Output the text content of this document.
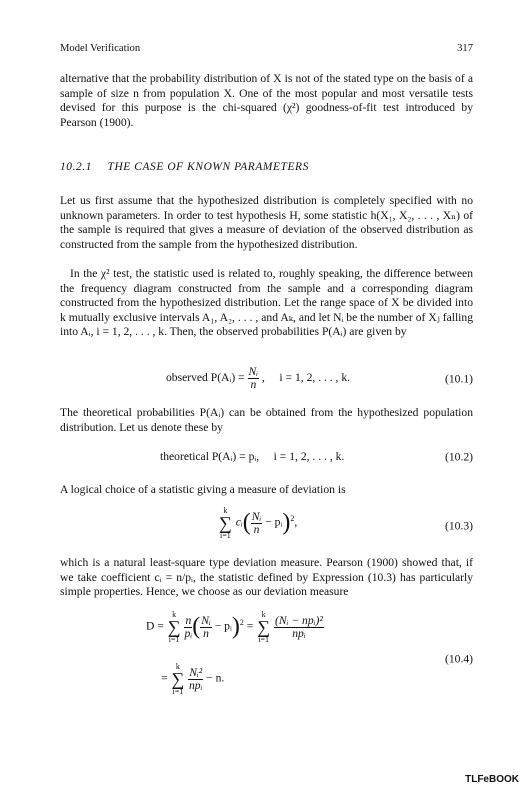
Model Verification	317

alternative that the probability distribution of X is not of the stated type on the basis of a sample of size n from population X. One of the most popular and most versatile tests devised for this purpose is the chi-squared (χ²) goodness-of-fit test introduced by Pearson (1900).

10.2.1 THE CASE OF KNOWN PARAMETERS

Let us first assume that the hypothesized distribution is completely specified with no unknown parameters. In order to test hypothesis H, some statistic h(X₁, X₂, . . . , Xₙ) of the sample is required that gives a measure of deviation of the observed distribution as constructed from the sample from the hypothesized distribution.

In the χ² test, the statistic used is related to, roughly speaking, the difference between the frequency diagram constructed from the sample and a corresponding diagram constructed from the hypothesized distribution. Let the range space of X be divided into k mutually exclusive intervals A₁, A₂, . . . , and Aₖ, and let Nᵢ be the number of Xⱼ falling into Aᵢ, i = 1, 2, . . . , k. Then, the observed probabilities P(Aᵢ) are given by

observed P(Aᵢ) = $\frac{\text{Nᵢ}}{n}$ ,     i = 1, 2, . . . , k.	(10.1)

The theoretical probabilities P(Aᵢ) can be obtained from the hypothesized population distribution. Let us denote these by

theoretical P(Aᵢ) = pᵢ,     i = 1, 2, . . . , k.	(10.2)

A logical choice of a statistic giving a measure of deviation is

k
∑
i=1 cᵢ( $\frac{\text{Nᵢ}}{n}$ − pᵢ)$^2$,	(10.3)

which is a natural least-square type deviation measure. Pearson (1900) showed that, if we take coefficient cᵢ = n/pᵢ, the statistic defined by Expression (10.3) has particularly simple properties. Hence, we choose as our deviation measure

D = k
∑
$i=1 \frac{n}{\text{pᵢ}}$ ( $\frac{\text{Nᵢ}}{n}$ − pᵢ)$^2$ = k
∑
$i=1 \frac{\text{(Nᵢ − npᵢ)²}}{\text{npᵢ}}$
= k
∑
$i=1 \frac{\text{Nᵢ²}}{\text{npᵢ}} - n$.
(10.4)
TLFeBOOK
